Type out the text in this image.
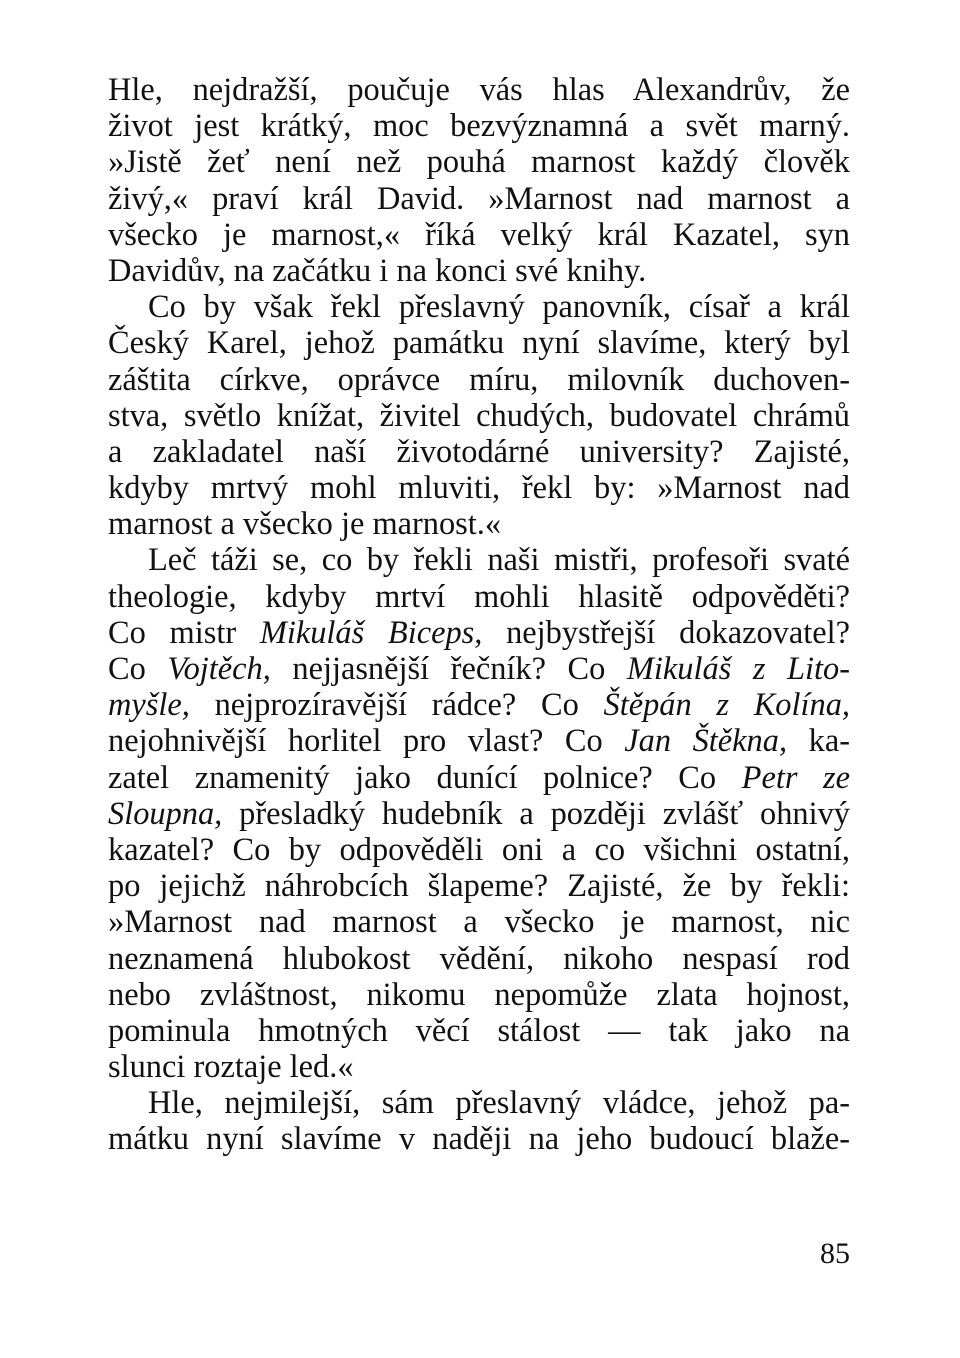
Hle, nejdražší, poučuje vás hlas Alexandrův, že
život jest krátký, moc bezvýznamná a svět marný.
»Jistě žeť není než pouhá marnost každý člověk
živý,« praví král David. »Marnost nad marnost a
všecko je marnost,« říká velký král Kazatel, syn
Davidův, na začátku i na konci své knihy.
Co by však řekl přeslavný panovník, císař a král
Český Karel, jehož památku nyní slavíme, který byl
záštita církve, oprávce míru, milovník duchoven-
stva, světlo knížat, živitel chudých, budovatel chrámů
a zakladatel naší životodárné university? Zajisté,
kdyby mrtvý mohl mluviti, řekl by: »Marnost nad
marnost a všecko je marnost.«
Leč táži se, co by řekli naši mistři, profesoři svaté
theologie, kdyby mrtví mohli hlasitě odpověděti?
Co mistr Mikuláš Biceps, nejbystřejší dokazovatel?
Co Vojtěch, nejjasnější řečník? Co Mikuláš z Lito-
myšle, nejprozíravější rádce? Co Štěpán z Kolína,
nejohnivější horlitel pro vlast? Co Jan Štěkna, ka-
zatel znamenitý jako dunící polnice? Co Petr ze
Sloupna, přesladký hudebník a později zvlášť ohnivý
kazatel? Co by odpověděli oni a co všichni ostatní,
po jejichž náhrobcích šlapeme? Zajisté, že by řekli:
»Marnost nad marnost a všecko je marnost, nic
neznamená hlubokost vědění, nikoho nespasí rod
nebo zvláštnost, nikomu nepomůže zlata hojnost,
pominula hmotných věcí stálost — tak jako na
slunci roztaje led.«
Hle, nejmilejší, sám přeslavný vládce, jehož pa-
mátku nyní slavíme v naději na jeho budoucí blaže-
85
